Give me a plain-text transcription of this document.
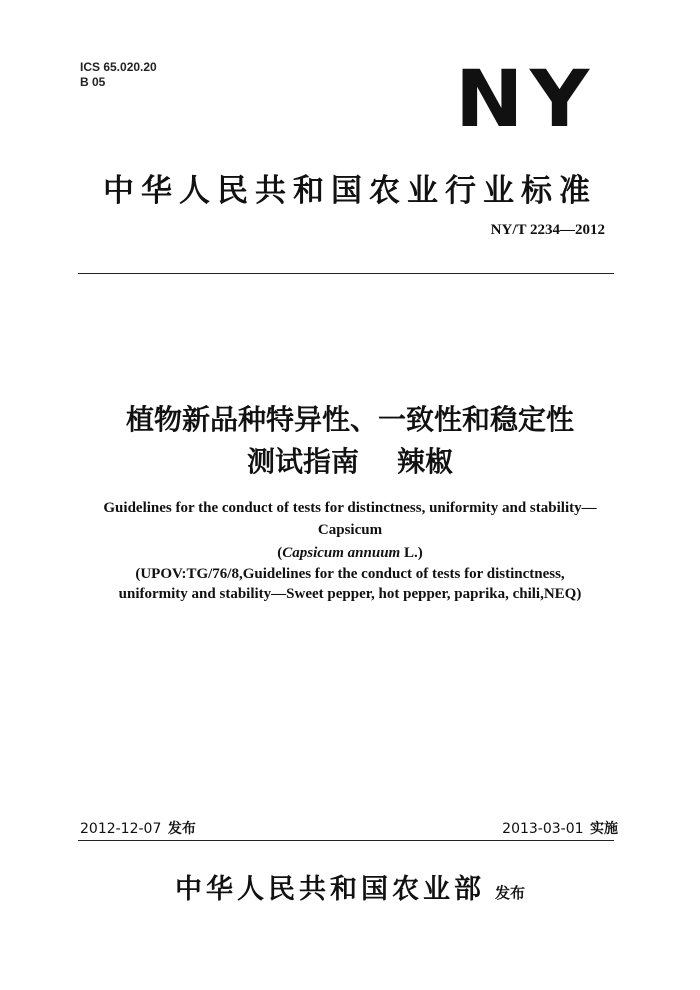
ICS 65.020.20
B 05	NY
中华人民共和国农业行业标准
NY/T 2234—2012
植物新品种特异性、一致性和稳定性
测试指南 辣椒
Guidelines for the conduct of tests for distinctness, uniformity and stability—
Capsicum
(Capsicum annuum L.)
(UPOV:TG/76/8,Guidelines for the conduct of tests for distinctness,
uniformity and stability—Sweet pepper, hot pepper, paprika, chili,NEQ)
2012-12-07 发布	2013-03-01 实施
中华人民共和国农业部 发布
